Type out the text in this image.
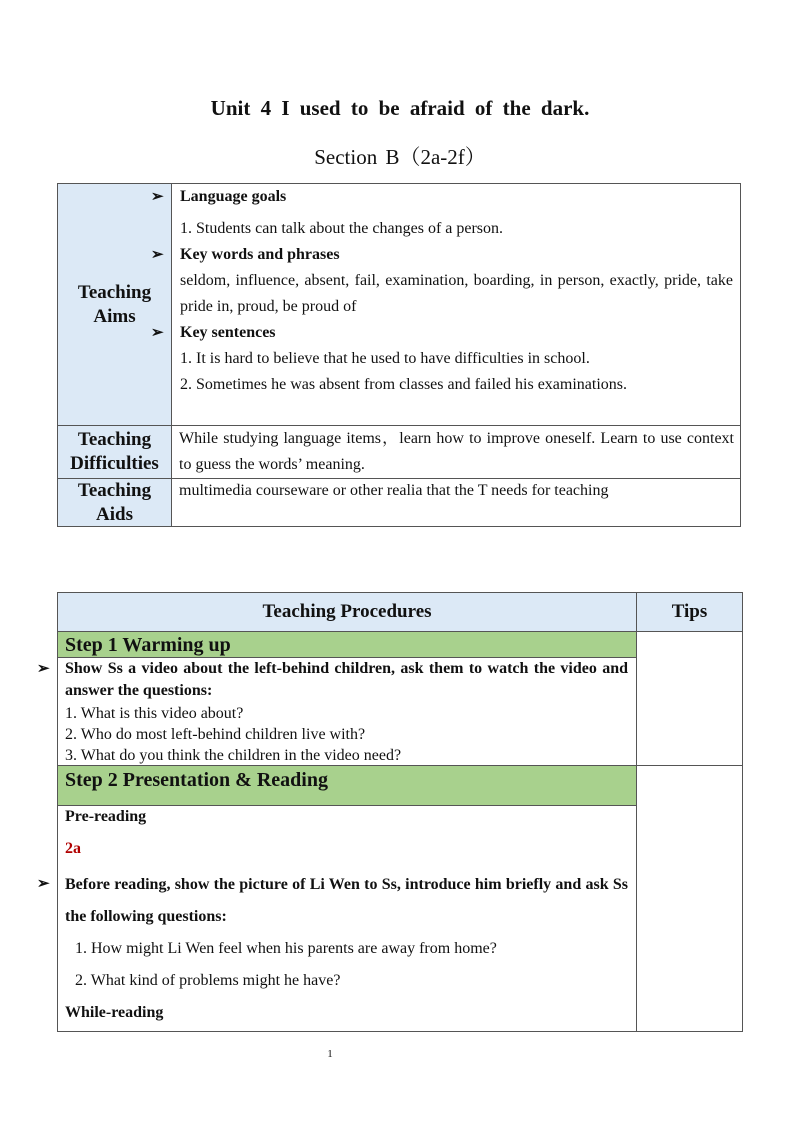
Unit 4 I used to be afraid of the dark.
Section B（2a-2f）
Teaching Aims
Teaching Difficulties
Teaching Aids
➢ Language goals
1. Students can talk about the changes of a person.
➢ Key words and phrases
seldom, influence, absent, fail, examination, boarding, in person, exactly, pride, take pride in, proud, be proud of
➢ Key sentences
1. It is hard to believe that he used to have difficulties in school.
2. Sometimes he was absent from classes and failed his examinations.
While studying language items，learn how to improve oneself. Learn to use context to guess the words’ meaning.
multimedia courseware or other realia that the T needs for teaching
Teaching Procedures	Tips
Step 1 Warming up
➢ Show Ss a video about the left-behind children, ask them to watch the video and answer the questions:
1. What is this video about?
2. Who do most left-behind children live with?
3. What do you think the children in the video need?
Step 2 Presentation & Reading
Pre-reading
2a
➢ Before reading, show the picture of Li Wen to Ss, introduce him briefly and ask Ss the following questions:
1. How might Li Wen feel when his parents are away from home?
2. What kind of problems might he have?
While-reading
1
